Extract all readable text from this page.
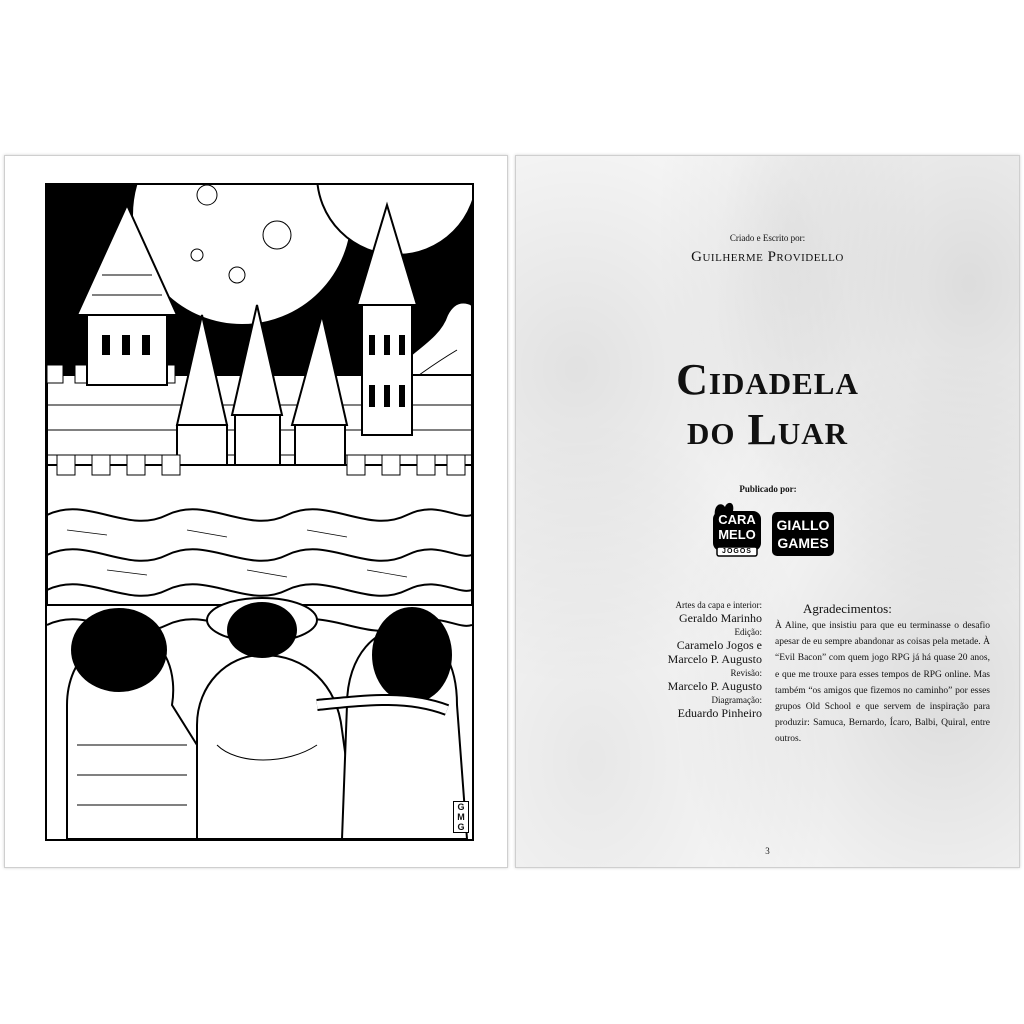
GMG
Criado e Escrito por:
Guilherme Providello
Cidadela
do Luar
Publicado por:
CARA
MELO
JOGOS
GIALLO
GAMES
Artes da capa e interior:
Geraldo Marinho
Edição:
Caramelo Jogos e
Marcelo P. Augusto
Revisão:
Marcelo P. Augusto
Diagramação:
Eduardo Pinheiro
Agradecimentos:
À Aline, que insistiu para que eu terminasse o desafio apesar de eu sempre abandonar as coisas pela metade. À “Evil Bacon” com quem jogo RPG já há quase 20 anos, e que me trouxe para esses tempos de RPG online. Mas também “os amigos que fizemos no caminho” por esses grupos Old School e que servem de inspiração para produzir: Samuca, Bernardo, Ícaro, Balbi, Quiral, entre outros.
3
